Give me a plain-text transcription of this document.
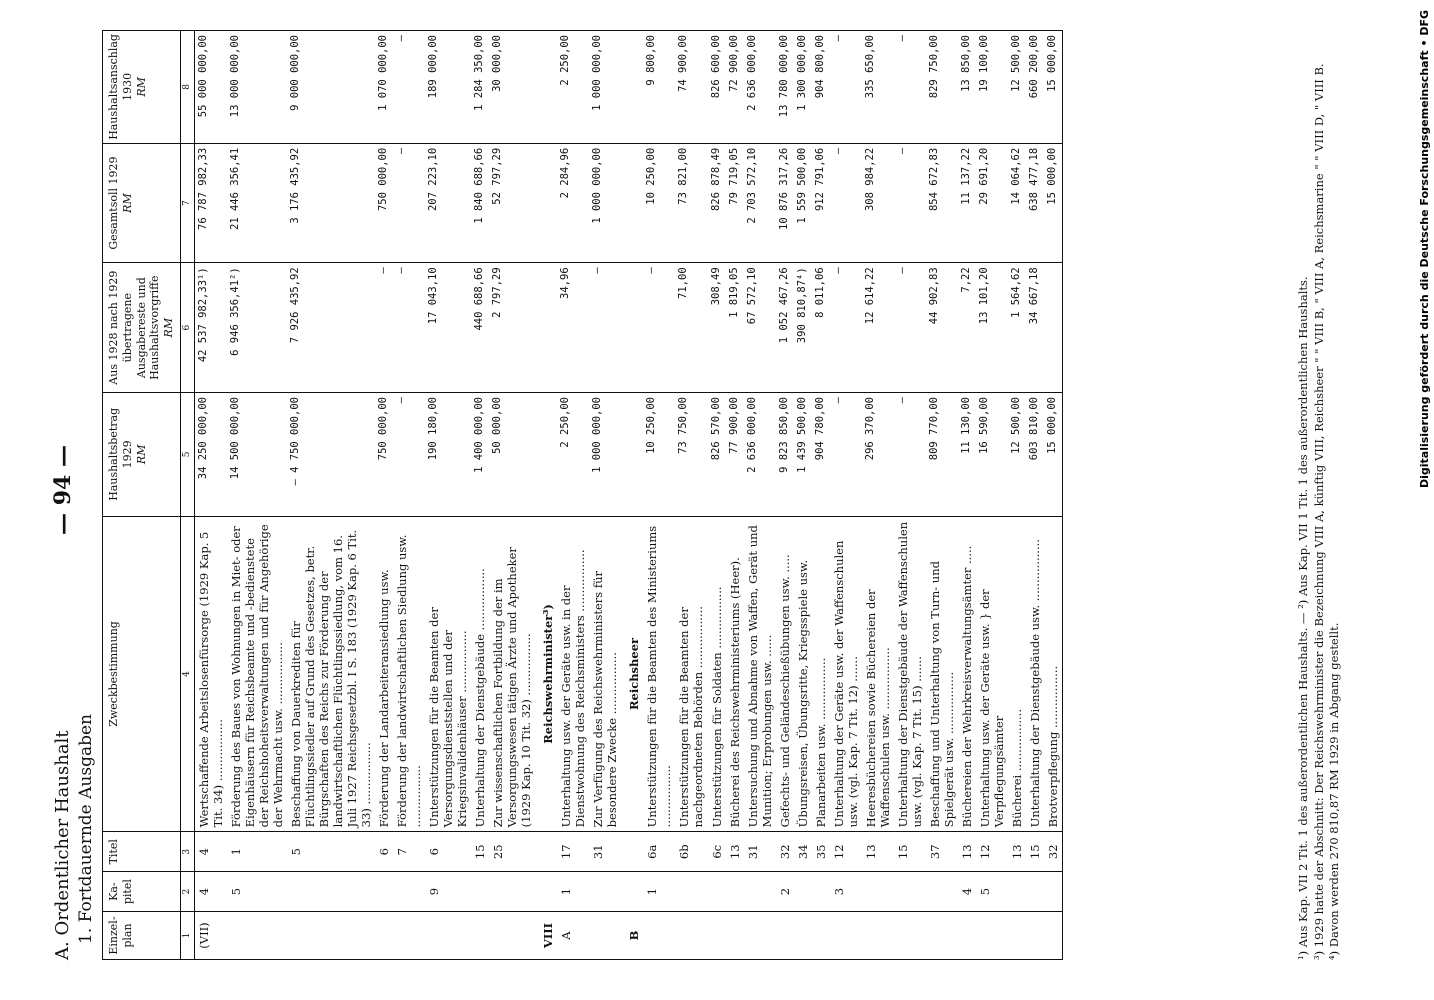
Digitalisierung gefördert durch die Deutsche Forschungsgemeinschaft • DFG
— 94 —
A. Ordentlicher Haushalt 1. Fortdauernde Ausgaben Einzel-plan	Ka-pitel	Titel	Zweckbestimmung	Haushaltsbetrag 1929
RM	Aus 1928 nach 1929 übertragene Ausgabereste und Haushaltsvorgriffe
RM	Gesamtsoll 1929
RM	Haushaltsanschlag 1930
RM
1	2	3	4	5	6	7	8
(VII)	4	4	Wertschaffende Arbeitslosenfürsorge (1929 Kap. 5 Tit. 34) .................	34 250 000,00	42 537 982,33¹)	76 787 982,33	55 000 000,00
	5	1	Förderung des Baues von Wohnungen in Miet- oder Eigenhäusern für Reichsbeamte und -bedienstete der Reichshoheitsverwaltungen und für Angehörige der Wehrmacht usw. .................	14 500 000,00	6 946 356,41²)	21 446 356,41	13 000 000,00
		5	Beschaffung von Dauerkrediten für Flüchtlingssiedler auf Grund des Gesetzes, betr. Bürgschaften des Reichs zur Förderung der landwirtschaftlichen Flüchtlingssiedlung, vom 16. Juli 1927 Reichsgesetzbl. I S. 183 (1929 Kap. 6 Tit. 33) .................	— 4 750 000,00	7 926 435,92	3 176 435,92	9 000 000,00
		6	Förderung der Landarbeiteransiedlung usw.	750 000,00	—	750 000,00	1 070 000,00
		7	Förderung der landwirtschaftlichen Siedlung usw. .................	—	—	—	—
	9	6	Unterstützungen für die Beamten der Versorgungsdienststellen und der Kriegsinvalidenhäuser .................	190 180,00	17 043,10	207 223,10	189 000,00
		15	Unterhaltung der Dienstgebäude .................	1 400 000,00	440 688,66	1 840 688,66	1 284 350,00
		25	Zur wissenschaftlichen Fortbildung der im Versorgungswesen tätigen Ärzte und Apotheker (1929 Kap. 10 Tit. 32) .................	50 000,00	2 797,29	52 797,29	30 000,00
VIII			Reichswehrminister³)				
A	1	17	Unterhaltung usw. der Geräte usw. in der Dienstwohnung des Reichsministers .................	2 250,00	34,96	2 284,96	2 250,00
		31	Zur Verfügung des Reichswehrministers für besondere Zwecke .................	1 000 000,00	—	1 000 000,00	1 000 000,00
B			Reichsheer				
	1	6a	Unterstützungen für die Beamten des Ministeriums .................	10 250,00	—	10 250,00	9 800,00
		6b	Unterstützungen für die Beamten der nachgeordneten Behörden .................	73 750,00	71,00	73 821,00	74 900,00
		6c	Unterstützungen für Soldaten .................	826 570,00	308,49	826 878,49	826 600,00
		13	Bücherei des Reichswehrministeriums (Heer).	77 900,00	1 819,05	79 719,05	72 900,00
		31	Untersuchung und Abnahme von Waffen, Gerät und Munition; Erprobungen usw. ......	2 636 000,00	67 572,10	2 703 572,10	2 636 000,00
	2	32	Gefechts- und Geländeschießübungen usw. .....	9 823 850,00	1 052 467,26	10 876 317,26	13 780 000,00
		34	Übungsreisen, Übungsritte, Kriegsspiele usw.	1 439 500,00	390 810,87⁴)	1 559 500,00	1 300 000,00
		35	Planarbeiten usw. .................	904 780,00	8 011,06	912 791,06	904 800,00
	3	12	Unterhaltung der Geräte usw. der Waffenschulen usw. (vgl. Kap. 7 Tit. 12) .......	—	—	—	—
		13	Heeresbüchereien sowie Büchereien der Waffenschulen usw. .................	296 370,00	12 614,22	308 984,22	335 650,00
		15	Unterhaltung der Dienstgebäude der Waffenschulen usw. (vgl. Kap. 7 Tit. 15) .......	—	—	—	—
		37	Beschaffung und Unterhaltung von Turn- und Spielgerät usw. .................	809 770,00	44 902,83	854 672,83	829 750,00
	4	13	Büchereien der Wehrkreisverwaltungsämter .....	11 130,00	7,22	11 137,22	13 850,00
	5	12	Unterhaltung usw. der Geräte usw. } der Verpflegungsämter	16 590,00	13 101,20	29 691,20	19 100,00
		13	Bücherei .................	12 500,00	1 564,62	14 064,62	12 500,00
		15	Unterhaltung der Dienstgebäude usw. .................	603 810,00	34 667,18	638 477,18	660 200,00
		32	Brotverpflegung .................	15 000,00		15 000,00	15 000,00
¹) Aus Kap. VII 2 Tit. 1 des außerordentlichen Haushalts. — ²) Aus Kap. VII 1 Tit. 1 des außerordentlichen Haushalts. ³) 1929 hatte der Abschnitt: Der Reichswehrminister die Bezeichnung VIII A, künftig VIII, Reichsheer " " VIII B, " VIII A, Reichsmarine " " VIII D, " VIII B. ⁴) Davon werden 270 810,87 RM 1929 in Abgang gestellt.
